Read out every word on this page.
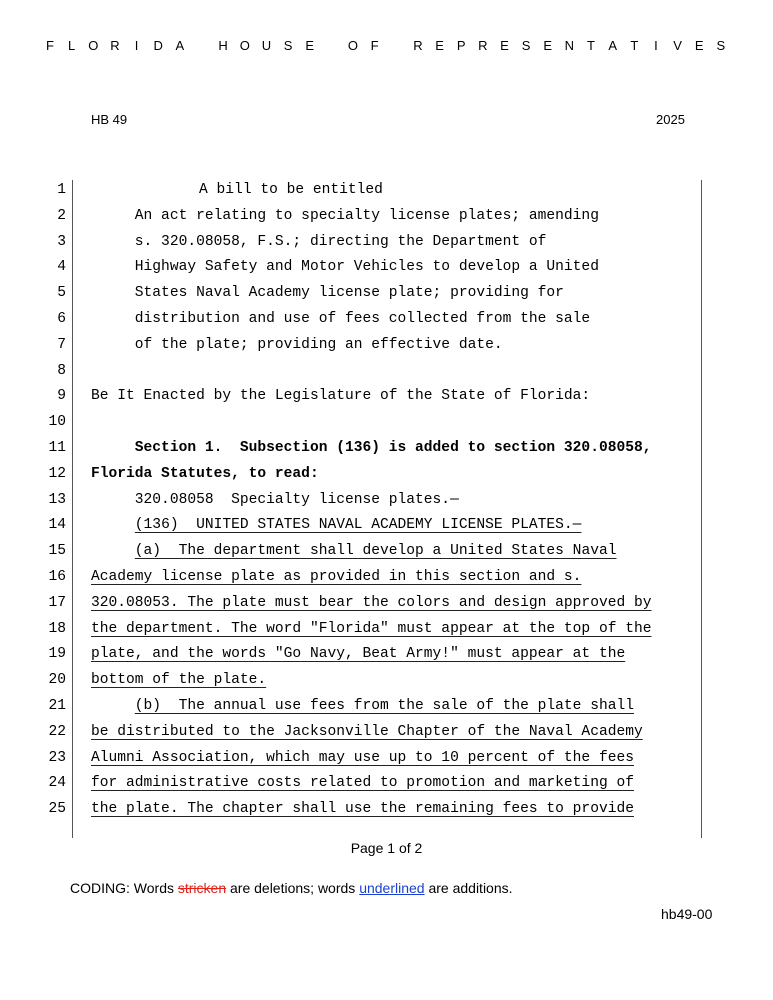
F L O R	I	D A	H O U S E	O F	R E P R E S E N T A T	I	V E S
HB 49	2025
1	A bill to be entitled
2 An act relating to specialty license plates; amending
3 s. 320.08058, F.S.; directing the Department of
4 Highway Safety and Motor Vehicles to develop a United
5 States Naval Academy license plate; providing for
6 distribution and use of fees collected from the sale
7 of the plate; providing an effective date.
8
9 Be It Enacted by the Legislature of the State of Florida:
10
11 Section 1.  Subsection (136) is added to section 320.08058,
12 Florida Statutes, to read:
13 320.08058  Specialty license plates.—
14	(136)  UNITED STATES NAVAL ACADEMY LICENSE PLATES.—
15	(a)  The department shall develop a United States Naval
16 Academy license plate as provided in this section and s.
17 320.08053. The plate must bear the colors and design approved by
18 the department. The word "Florida" must appear at the top of the
19 plate, and the words "Go Navy, Beat Army!" must appear at the
20 bottom of the plate.
21	(b)  The annual use fees from the sale of the plate shall
22 be distributed to the Jacksonville Chapter of the Naval Academy
23 Alumni Association, which may use up to 10 percent of the fees
24 for administrative costs related to promotion and marketing of
25 the plate. The chapter shall use the remaining fees to provide
Page 1 of 2
CODING: Words stricken are deletions; words underlined are additions.
hb49-00
